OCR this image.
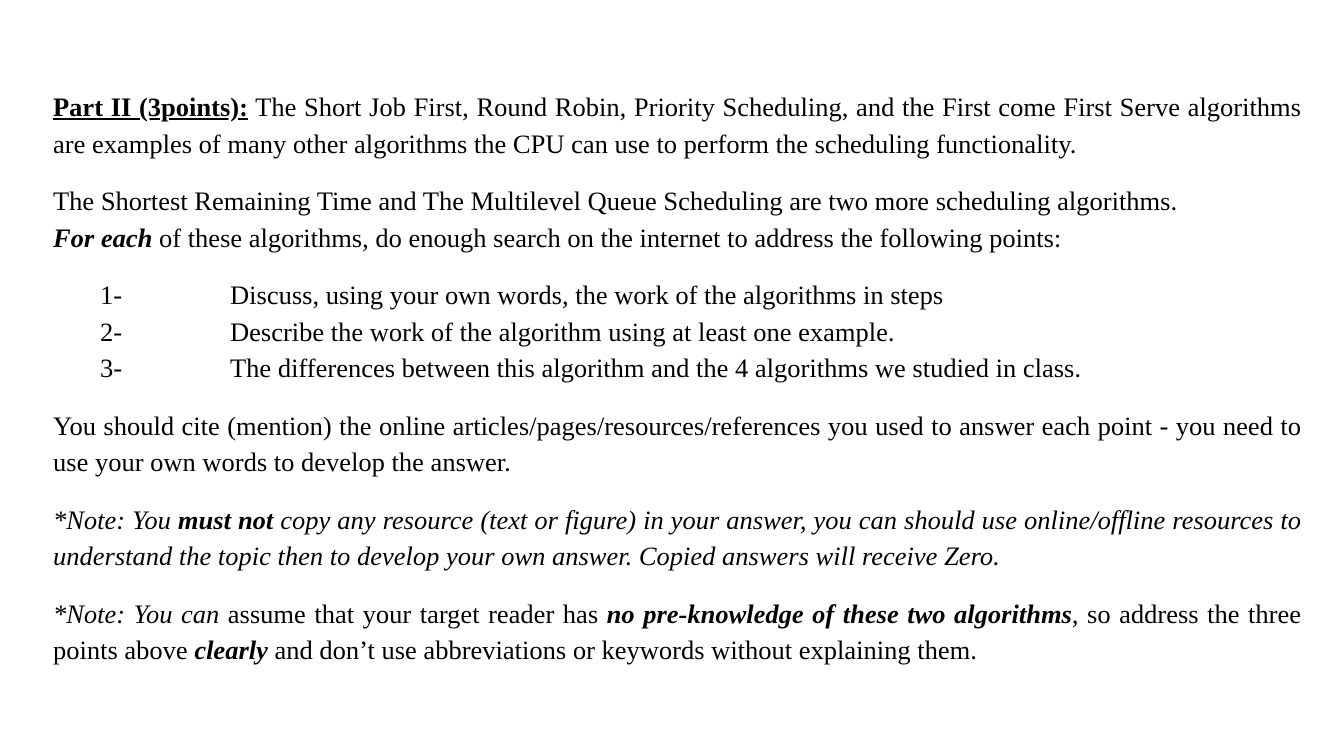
Part II (3points): The Short Job First, Round Robin, Priority Scheduling, and the First come First Serve algorithms are examples of many other algorithms the CPU can use to perform the scheduling functionality.

The Shortest Remaining Time and The Multilevel Queue Scheduling are two more scheduling algorithms.
For each of these algorithms, do enough search on the internet to address the following points:

1-	Discuss, using your own words, the work of the algorithms in steps
2-	Describe the work of the algorithm using at least one example.
3-	The differences between this algorithm and the 4 algorithms we studied in class.

You should cite (mention) the online articles/pages/resources/references you used to answer each point - you need to use your own words to develop the answer.

*Note: You must not copy any resource (text or figure) in your answer, you can should use online/offline resources to understand the topic then to develop your own answer. Copied answers will receive Zero.

*Note: You can assume that your target reader has no pre-knowledge of these two algorithms, so address the three points above clearly and don’t use abbreviations or keywords without explaining them.
